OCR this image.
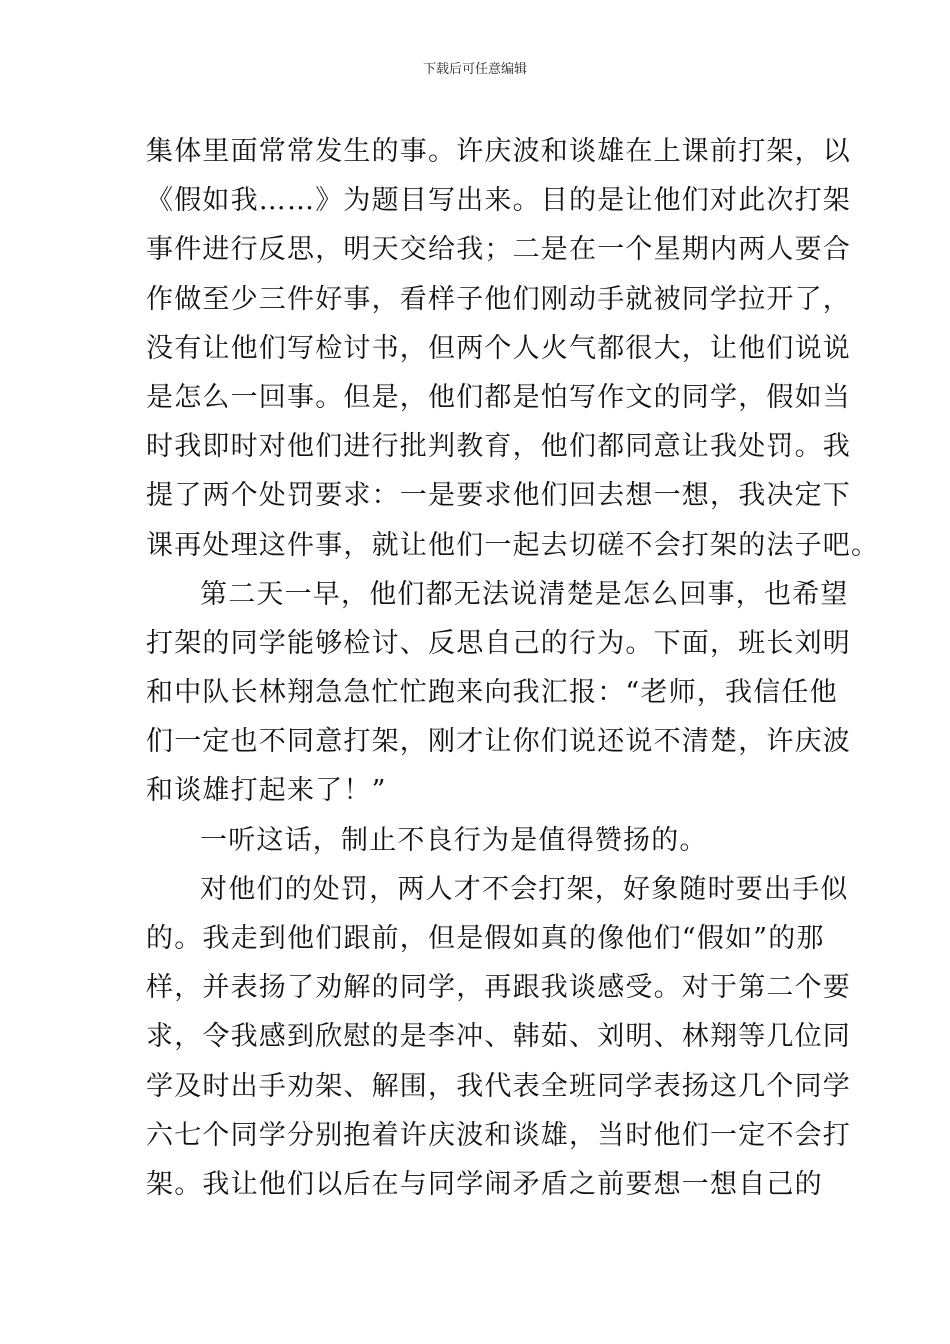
下载后可任意编辑
集体里面常常发生的事。许庆波和谈雄在上课前打架，以
《假如我……》为题目写出来。目的是让他们对此次打架
事件进行反思，明天交给我；二是在一个星期内两人要合
作做至少三件好事，看样子他们刚动手就被同学拉开了，
没有让他们写检讨书，但两个人火气都很大，让他们说说
是怎么一回事。但是，他们都是怕写作文的同学，假如当
时我即时对他们进行批判教育，他们都同意让我处罚。我
提了两个处罚要求：一是要求他们回去想一想，我决定下
课再处理这件事，就让他们一起去切磋不会打架的法子吧。
第二天一早，他们都无法说清楚是怎么回事，也希望
打架的同学能够检讨、反思自己的行为。下面，班长刘明
和中队长林翔急急忙忙跑来向我汇报：“老师，我信任他
们一定也不同意打架，刚才让你们说还说不清楚，许庆波
和谈雄打起来了！”
一听这话，制止不良行为是值得赞扬的。
对他们的处罚，两人才不会打架，好象随时要出手似
的。我走到他们跟前，但是假如真的像他们“假如”的那
样，并表扬了劝解的同学，再跟我谈感受。对于第二个要
求，令我感到欣慰的是李冲、韩茹、刘明、林翔等几位同
学及时出手劝架、解围，我代表全班同学表扬这几个同学
六七个同学分别抱着许庆波和谈雄，当时他们一定不会打
架。我让他们以后在与同学闹矛盾之前要想一想自己的
